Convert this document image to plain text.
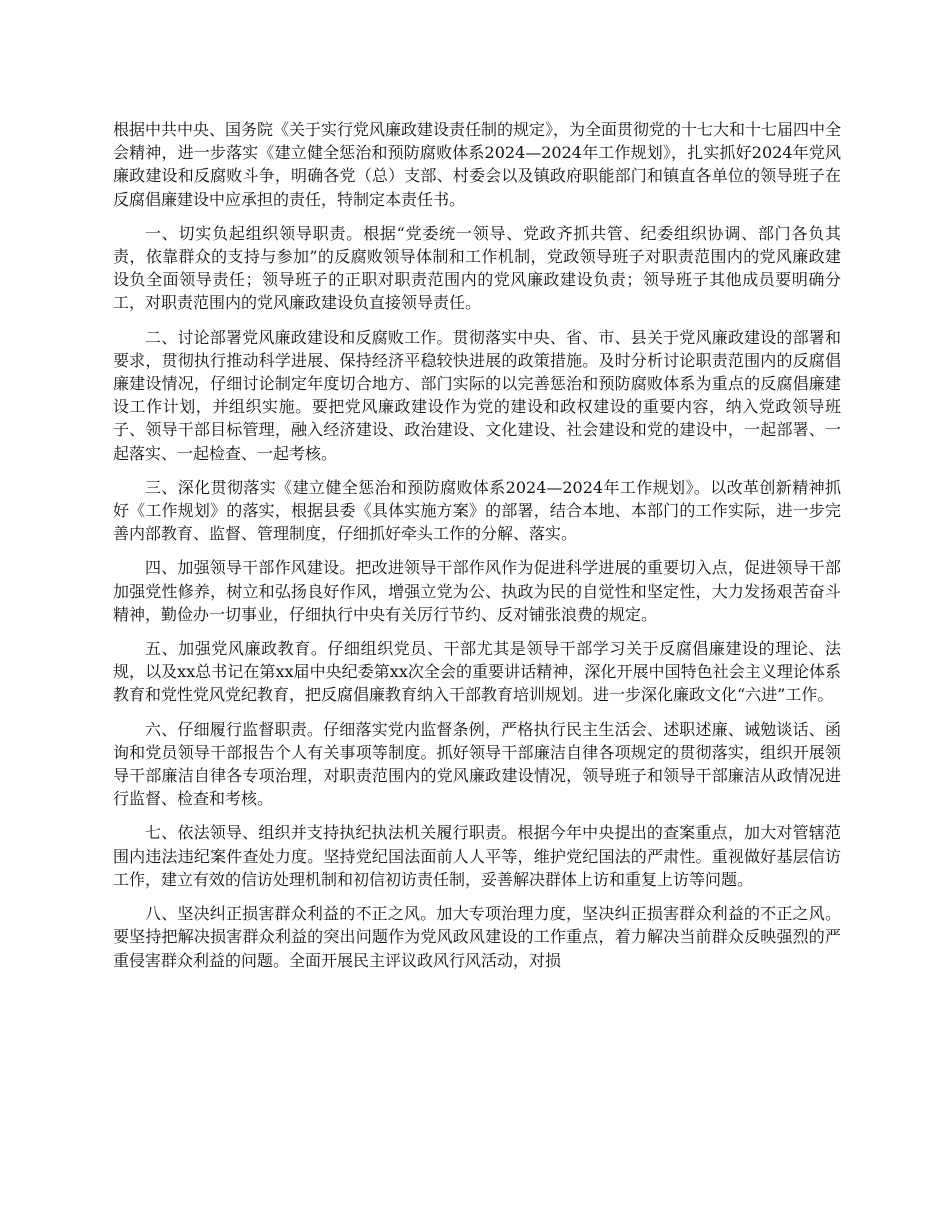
根据中共中央、国务院《关于实行党风廉政建设责任制的规定》，为全面贯彻党的十七大和十七届四中全会精神，进一步落实《建立健全惩治和预防腐败体系2024—2024年工作规划》，扎实抓好2024年党风廉政建设和反腐败斗争，明确各党（总）支部、村委会以及镇政府职能部门和镇直各单位的领导班子在反腐倡廉建设中应承担的责任，特制定本责任书。

一、切实负起组织领导职责。根据“党委统一领导、党政齐抓共管、纪委组织协调、部门各负其责，依靠群众的支持与参加”的反腐败领导体制和工作机制，党政领导班子对职责范围内的党风廉政建设负全面领导责任；领导班子的正职对职责范围内的党风廉政建设负责；领导班子其他成员要明确分工，对职责范围内的党风廉政建设负直接领导责任。

二、讨论部署党风廉政建设和反腐败工作。贯彻落实中央、省、市、县关于党风廉政建设的部署和要求，贯彻执行推动科学进展、保持经济平稳较快进展的政策措施。及时分析讨论职责范围内的反腐倡廉建设情况，仔细讨论制定年度切合地方、部门实际的以完善惩治和预防腐败体系为重点的反腐倡廉建设工作计划，并组织实施。要把党风廉政建设作为党的建设和政权建设的重要内容，纳入党政领导班子、领导干部目标管理，融入经济建设、政治建设、文化建设、社会建设和党的建设中，一起部署、一起落实、一起检查、一起考核。

三、深化贯彻落实《建立健全惩治和预防腐败体系2024—2024年工作规划》。以改革创新精神抓好《工作规划》的落实，根据县委《具体实施方案》的部署，结合本地、本部门的工作实际，进一步完善内部教育、监督、管理制度，仔细抓好牵头工作的分解、落实。

四、加强领导干部作风建设。把改进领导干部作风作为促进科学进展的重要切入点，促进领导干部加强党性修养，树立和弘扬良好作风，增强立党为公、执政为民的自觉性和坚定性，大力发扬艰苦奋斗精神，勤俭办一切事业，仔细执行中央有关厉行节约、反对铺张浪费的规定。

五、加强党风廉政教育。仔细组织党员、干部尤其是领导干部学习关于反腐倡廉建设的理论、法规，以及xx总书记在第xx届中央纪委第xx次全会的重要讲话精神，深化开展中国特色社会主义理论体系教育和党性党风党纪教育，把反腐倡廉教育纳入干部教育培训规划。进一步深化廉政文化“六进”工作。

六、仔细履行监督职责。仔细落实党内监督条例，严格执行民主生活会、述职述廉、诫勉谈话、函询和党员领导干部报告个人有关事项等制度。抓好领导干部廉洁自律各项规定的贯彻落实，组织开展领导干部廉洁自律各专项治理，对职责范围内的党风廉政建设情况，领导班子和领导干部廉洁从政情况进行监督、检查和考核。

七、依法领导、组织并支持执纪执法机关履行职责。根据今年中央提出的查案重点，加大对管辖范围内违法违纪案件查处力度。坚持党纪国法面前人人平等，维护党纪国法的严肃性。重视做好基层信访工作，建立有效的信访处理机制和初信初访责任制，妥善解决群体上访和重复上访等问题。

八、坚决纠正损害群众利益的不正之风。加大专项治理力度，坚决纠正损害群众利益的不正之风。要坚持把解决损害群众利益的突出问题作为党风政风建设的工作重点，着力解决当前群众反映强烈的严重侵害群众利益的问题。全面开展民主评议政风行风活动，对损
